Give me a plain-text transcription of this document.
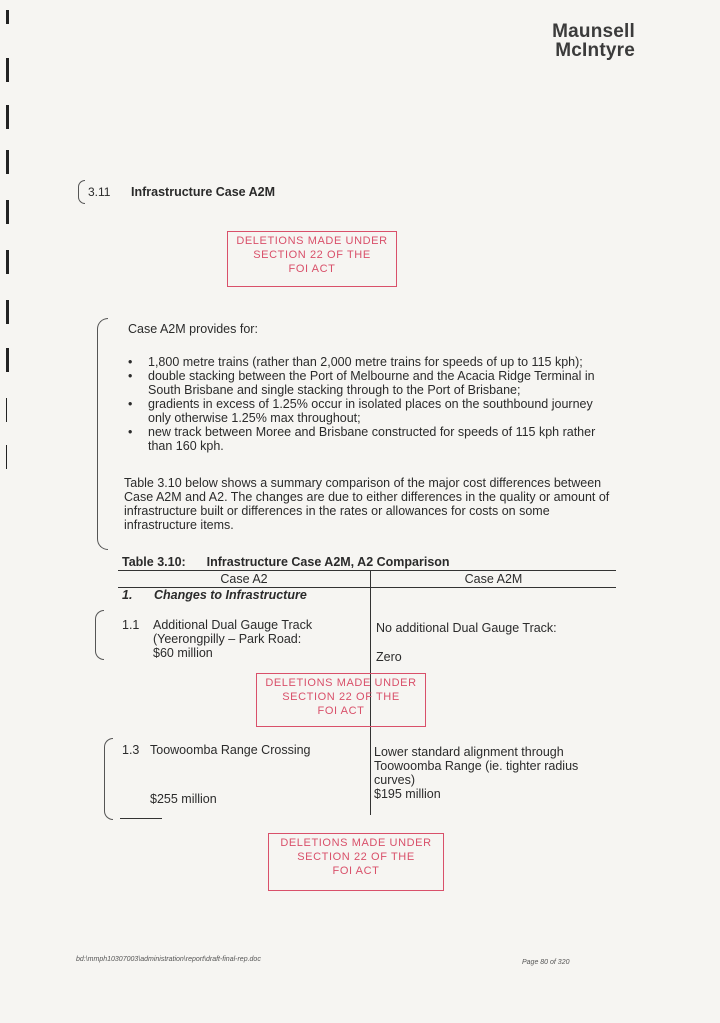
Maunsell
McIntyre
3.11 Infrastructure Case A2M
DELETIONS MADE UNDER
SECTION 22 OF THE
FOI ACT
Case A2M provides for:
• 1,800 metre trains (rather than 2,000 metre trains for speeds of up to 115 kph);
• double stacking between the Port of Melbourne and the Acacia Ridge Terminal in South Brisbane and single stacking through to the Port of Brisbane;
• gradients in excess of 1.25% occur in isolated places on the southbound journey only otherwise 1.25% max throughout;
• new track between Moree and Brisbane constructed for speeds of 115 kph rather than 160 kph.
Table 3.10 below shows a summary comparison of the major cost differences between Case A2M and A2. The changes are due to either differences in the quality or amount of infrastructure built or differences in the rates or allowances for costs on some infrastructure items.
Table 3.10: Infrastructure Case A2M, A2 Comparison
Case A2	Case A2M
1. Changes to Infrastructure
1.1 Additional Dual Gauge Track
(Yeerongpilly – Park Road:
$60 million
No additional Dual Gauge Track:
Zero
DELETIONS MADE UNDER
SECTION 22 OF THE
FOI ACT
1.3 Toowoomba Range Crossing
$255 million
Lower standard alignment through
Toowoomba Range (ie. tighter radius
curves)
$195 million
DELETIONS MADE UNDER
SECTION 22 OF THE
FOI ACT
bd:\mmph10307003\administration\report\draft-final-rep.doc	Page 80 of 320
